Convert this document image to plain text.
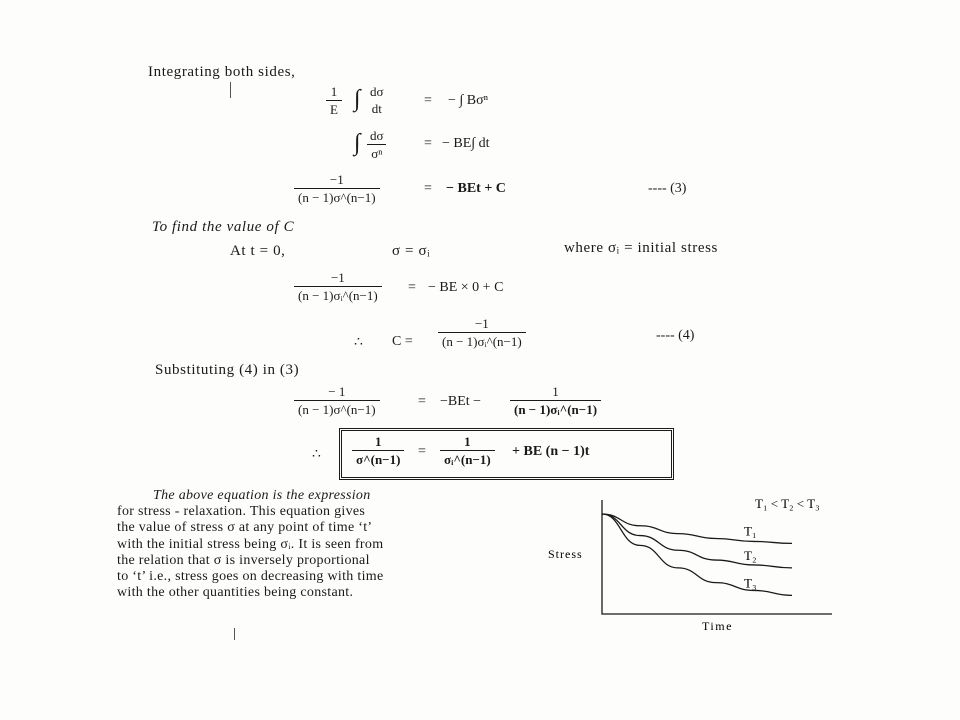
Integrating both sides,
$\frac{1}{E}$ ∫ dσ
dt
= − ∫ Bσⁿ
∫ $\frac{d\sigma}{\text{σⁿ}}$	= − BE∫ dt
$\frac{-1}{(n - 1)\sigma\^{}(n-1)}$	= − BEt + C	---- (3)
To find the value of C
At t = 0,	σ = σᵢ	where σᵢ = initial stress
$\frac{-1}{\text{(n − 1)σᵢ\textasciicircum{}(n−1)}}$ = − BE × 0 + C
∴ $C = \frac{-1}{\text{(n − 1)σᵢ\textasciicircum{}(n−1)}}$	---- (4)
Substituting (4) in (3)
$\frac{- 1}{(n - 1)\sigma\^{}(n-1)}$	= $-BEt - \frac{1}{\text{(n − 1)σᵢ\textasciicircum{}(n−1)}}$
∴ $\frac{1}{\sigma\^{}(n-1)} = \frac{1}{\text{σᵢ\textasciicircum{}(n−1)}}$ + BE (n − 1)t
The above equation is the expression
for stress - relaxation. This equation gives
the value of stress σ at any point of time ‘t’
with the initial stress being σᵢ. It is seen from
the relation that σ is inversely proportional
to ‘t’ i.e., stress goes on decreasing with time
with the other quantities being constant.
T₁ < T₂ < T₃
Stress
Time
T₁
T₂
T₃
